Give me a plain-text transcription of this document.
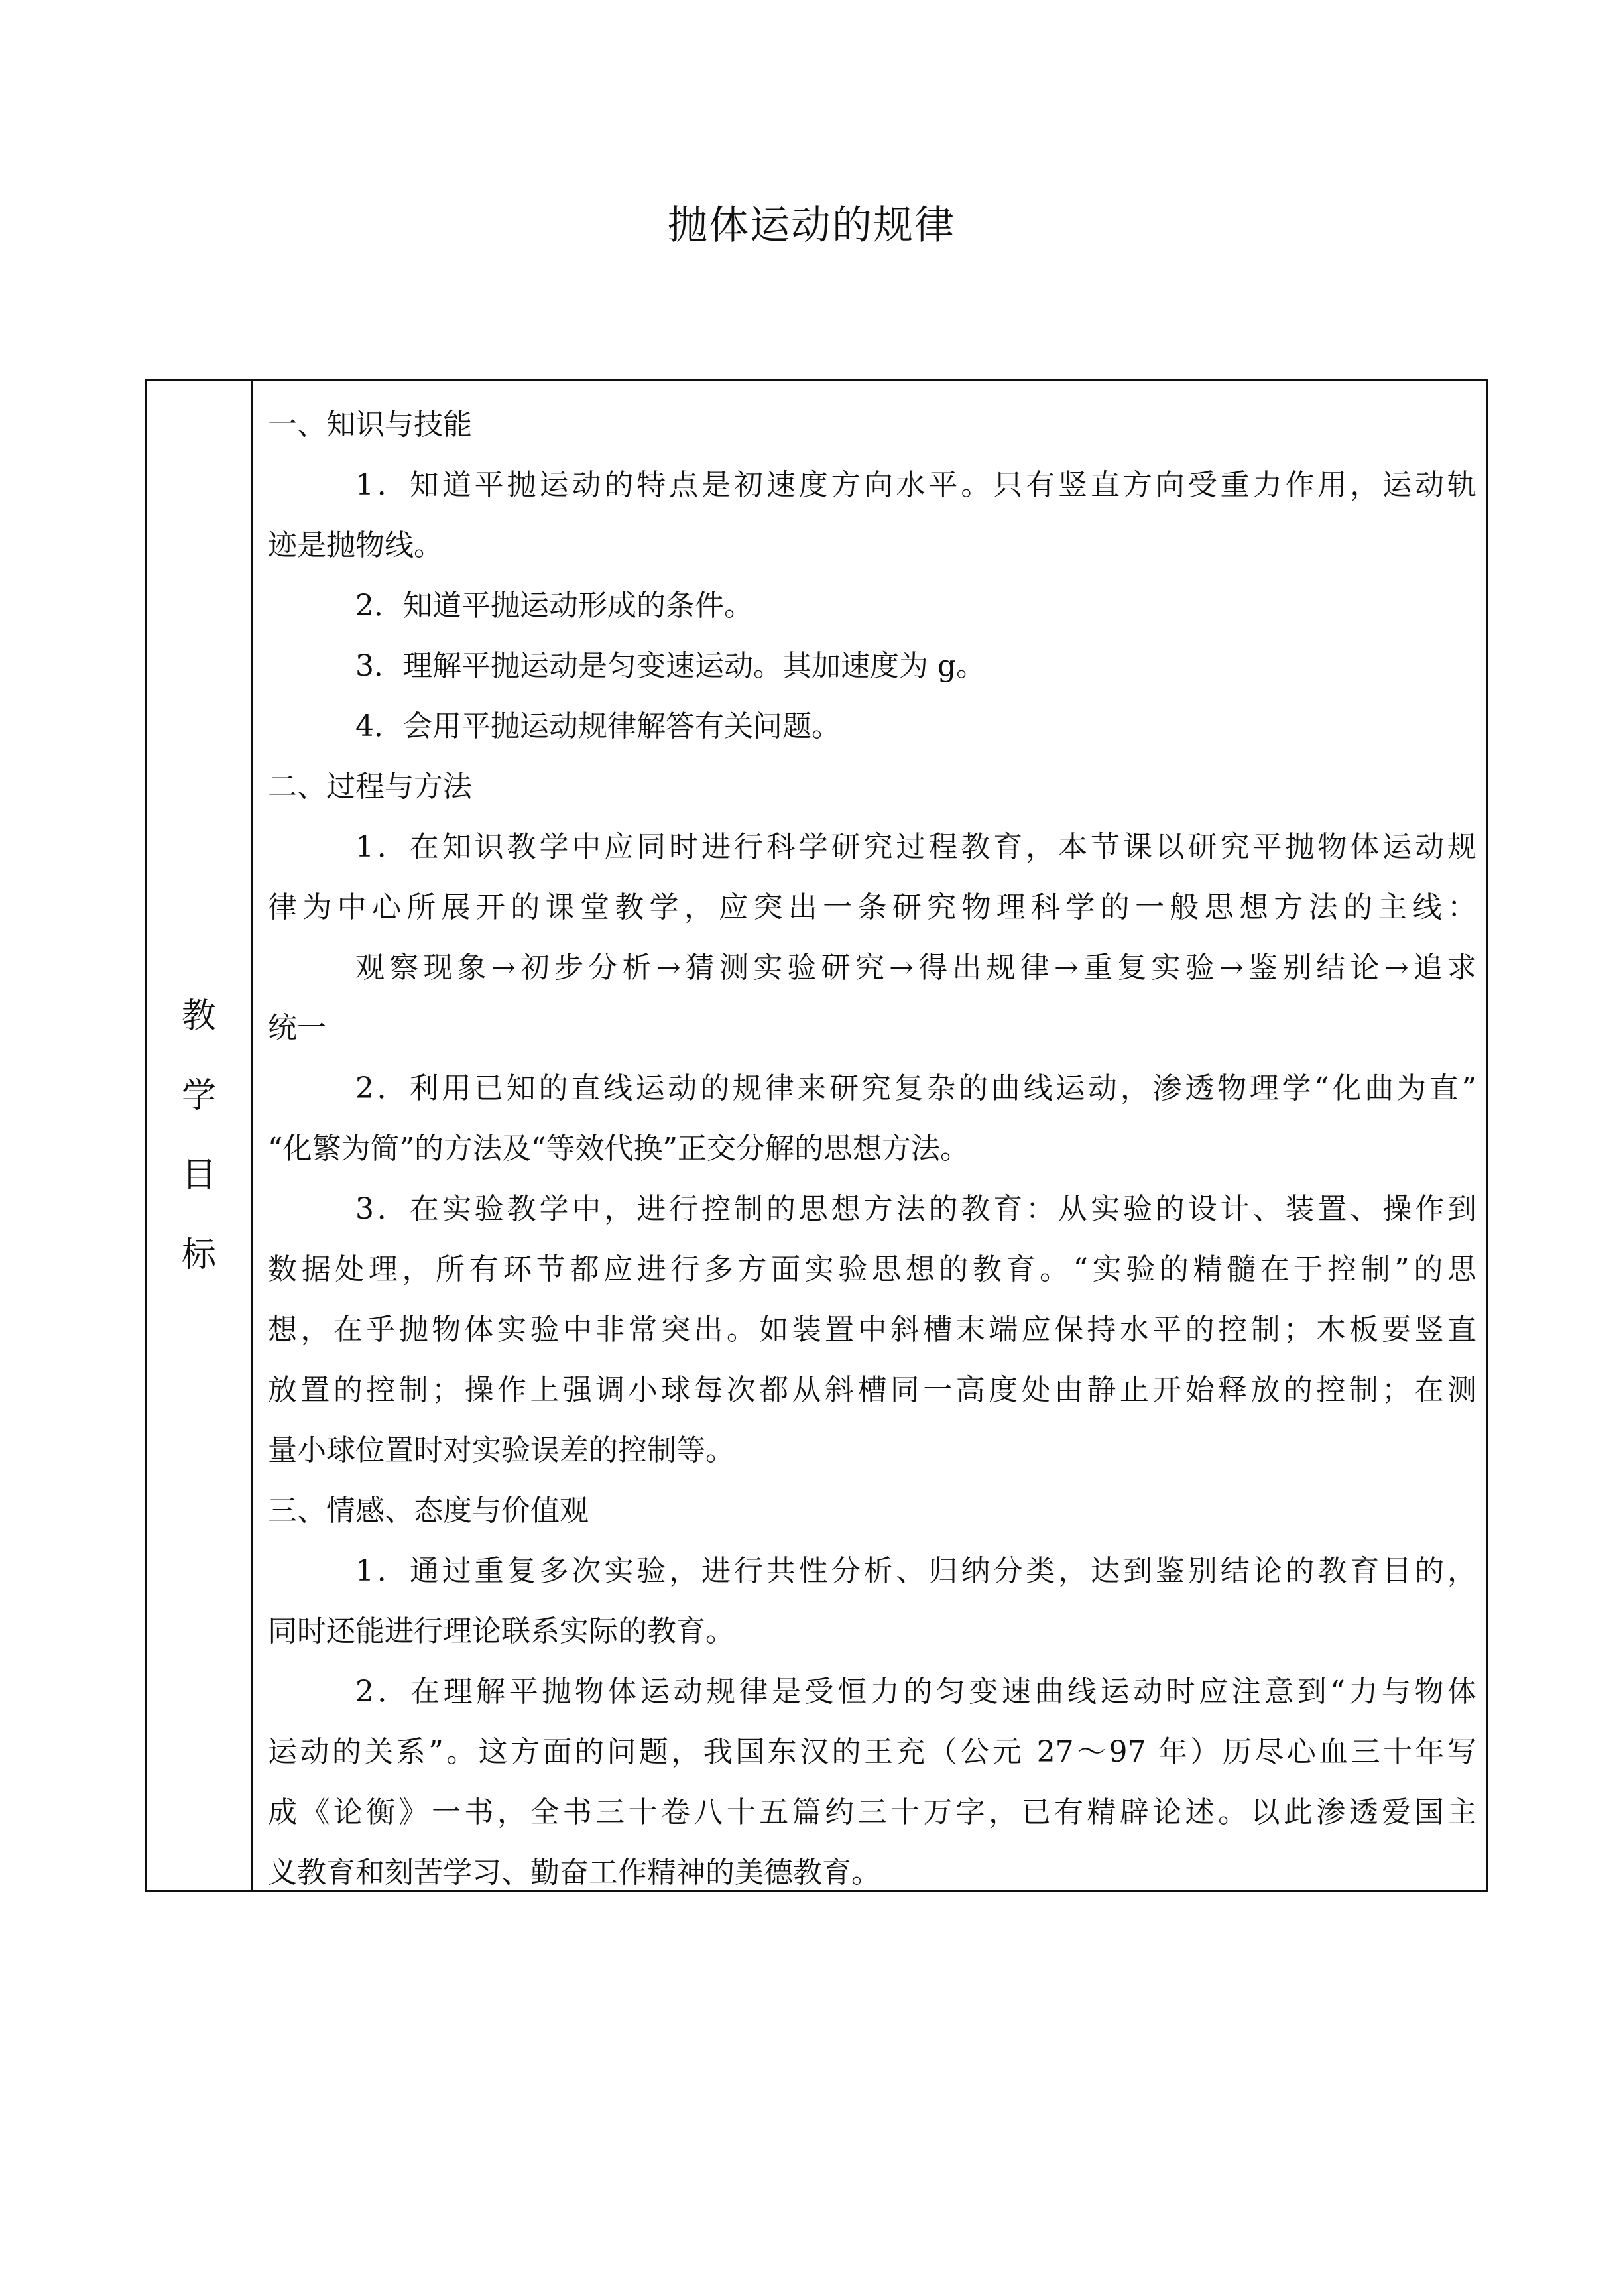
抛体运动的规律
教
学
目
标
一、知识与技能
1．知道平抛运动的特点是初速度方向水平。只有竖直方向受重力作用，运动轨
迹是抛物线。
2．知道平抛运动形成的条件。
3．理解平抛运动是匀变速运动。其加速度为 g。
4．会用平抛运动规律解答有关问题。
二、过程与方法
1．在知识教学中应同时进行科学研究过程教育，本节课以研究平抛物体运动规
律为中心所展开的课堂教学，应突出一条研究物理科学的一般思想方法的主线：
观察现象→初步分析→猜测实验研究→得出规律→重复实验→鉴别结论→追求
统一
2．利用已知的直线运动的规律来研究复杂的曲线运动，渗透物理学“化曲为直”
“化繁为简”的方法及“等效代换”正交分解的思想方法。
3．在实验教学中，进行控制的思想方法的教育：从实验的设计、装置、操作到
数据处理，所有环节都应进行多方面实验思想的教育。“实验的精髓在于控制”的思
想，在乎抛物体实验中非常突出。如装置中斜槽末端应保持水平的控制；木板要竖直
放置的控制；操作上强调小球每次都从斜槽同一高度处由静止开始释放的控制；在测
量小球位置时对实验误差的控制等。
三、情感、态度与价值观
1．通过重复多次实验，进行共性分析、归纳分类，达到鉴别结论的教育目的，
同时还能进行理论联系实际的教育。
2．在理解平抛物体运动规律是受恒力的匀变速曲线运动时应注意到“力与物体
运动的关系”。这方面的问题，我国东汉的王充（公元 27～97 年）历尽心血三十年写
成《论衡》一书，全书三十卷八十五篇约三十万字，已有精辟论述。以此渗透爱国主
义教育和刻苦学习、勤奋工作精神的美德教育。
